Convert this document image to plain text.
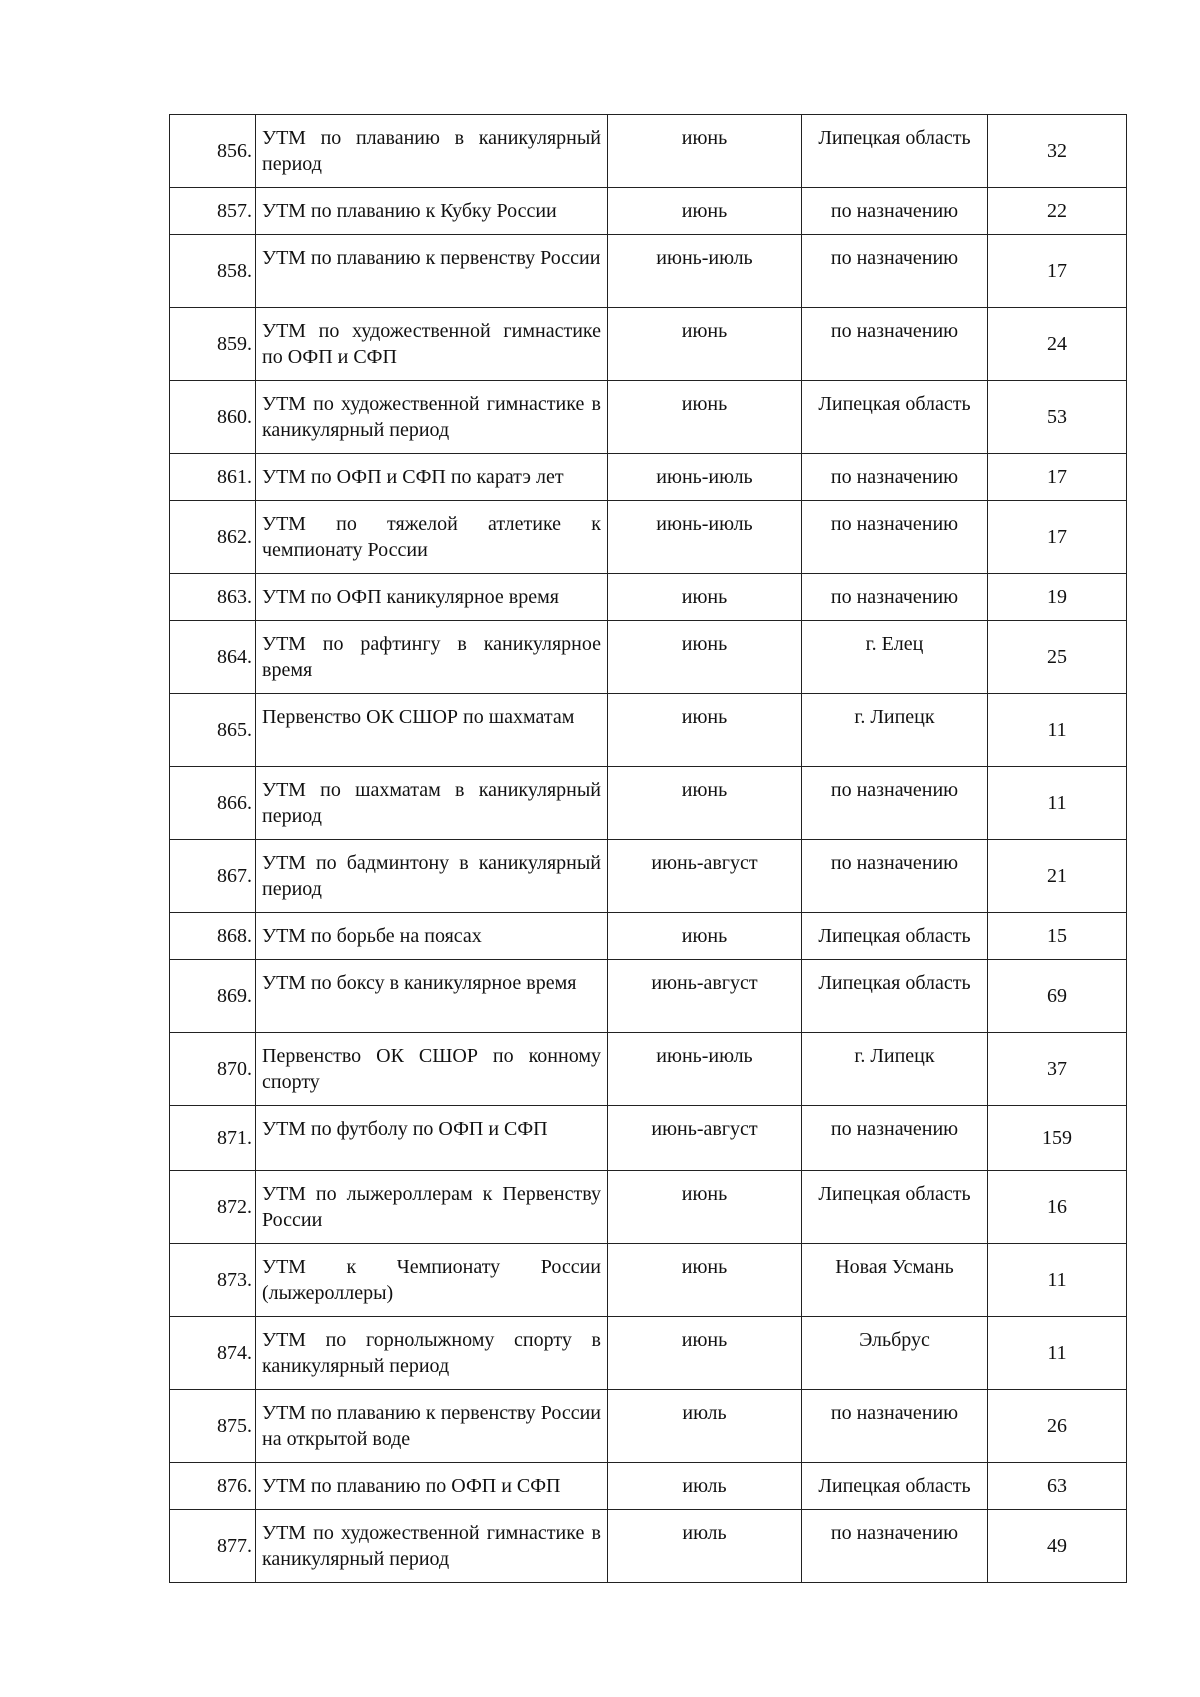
856.	УТМ по плаванию в каникулярный период	июнь	Липецкая область	32
857.	УТМ по плаванию к Кубку России	июнь	по назначению	22
858.	УТМ по плаванию к первенству России	июнь-июль	по назначению	17
859.	УТМ по художественной гимнастике по ОФП и СФП	июнь	по назначению	24
860.	УТМ по художественной гимнастике в каникулярный период	июнь	Липецкая область	53
861.	УТМ по ОФП и СФП по каратэ лет	июнь-июль	по назначению	17
862.	УТМ по тяжелой атлетике к чемпионату России	июнь-июль	по назначению	17
863.	УТМ по ОФП каникулярное время	июнь	по назначению	19
864.	УТМ по рафтингу в каникулярное время	июнь	г. Елец	25
865.	Первенство ОК СШОР по шахматам	июнь	г. Липецк	11
866.	УТМ по шахматам в каникулярный период	июнь	по назначению	11
867.	УТМ по бадминтону в каникулярный период	июнь-август	по назначению	21
868.	УТМ по борьбе на поясах	июнь	Липецкая область	15
869.	УТМ по боксу в каникулярное время	июнь-август	Липецкая область	69
870.	Первенство ОК СШОР по конному спорту	июнь-июль	г. Липецк	37
871.	УТМ по футболу по ОФП и СФП	июнь-август	по назначению	159
872.	УТМ по лыжероллерам к Первенству России	июнь	Липецкая область	16
873.	УТМ к Чемпионату России (лыжероллеры)	июнь	Новая Усмань	11
874.	УТМ по горнолыжному спорту в каникулярный период	июнь	Эльбрус	11
875.	УТМ по плаванию к первенству России на открытой воде	июль	по назначению	26
876.	УТМ по плаванию по ОФП и СФП	июль	Липецкая область	63
877.	УТМ по художественной гимнастике в каникулярный период	июль	по назначению	49
